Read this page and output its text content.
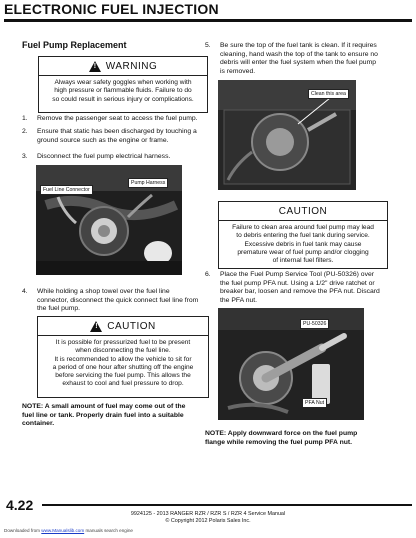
ELECTRONIC FUEL INJECTION
Fuel Pump Replacement
! WARNING
Always wear safety goggles when working with
high pressure or flammable fluids. Failure to do
so could result in serious injury or complications.
1. Remove the passenger seat to access the fuel pump.
2. Ensure that static has been discharged by touching a
ground source such as the engine or frame.
3. Disconnect the fuel pump electrical harness.
Fuel Line Connector
Pump Harness
4. While holding a shop towel over the fuel line
connector, disconnect the quick connect fuel line from
the fuel pump.
! CAUTION
It is possible for pressurized fuel to be present
when disconnecting the fuel line.
It is recommended to allow the vehicle to sit for
a period of one hour after shutting off the engine
before servicing the fuel pump. This allows the
exhaust to cool and fuel pressure to drop.
NOTE: A small amount of fuel may come out of the
fuel line or tank. Properly drain fuel into a suitable
container.
5. Be sure the top of the fuel tank is clean. If it requires
cleaning, hand wash the top of the tank to ensure no
debris will enter the fuel system when the fuel pump
is removed.
Clean this area
CAUTION
Failure to clean area around fuel pump may lead
to debris entering the fuel tank during service.
Excessive debris in fuel tank may cause
premature wear of fuel pump and/or clogging
of internal fuel filters.
6. Place the Fuel Pump Service Tool (PU-50326) over
the fuel pump PFA nut. Using a 1/2" drive ratchet or
breaker bar, loosen and remove the PFA nut. Discard
the PFA nut.
PU-50326
PFA Nut
NOTE: Apply downward force on the fuel pump
flange while removing the fuel pump PFA nut.
4.22
9924125 - 2013 RANGER RZR / RZR S / RZR 4 Service Manual
© Copyright 2012 Polaris Sales Inc.
Downloaded from www.Manualslib.com manuals search engine
